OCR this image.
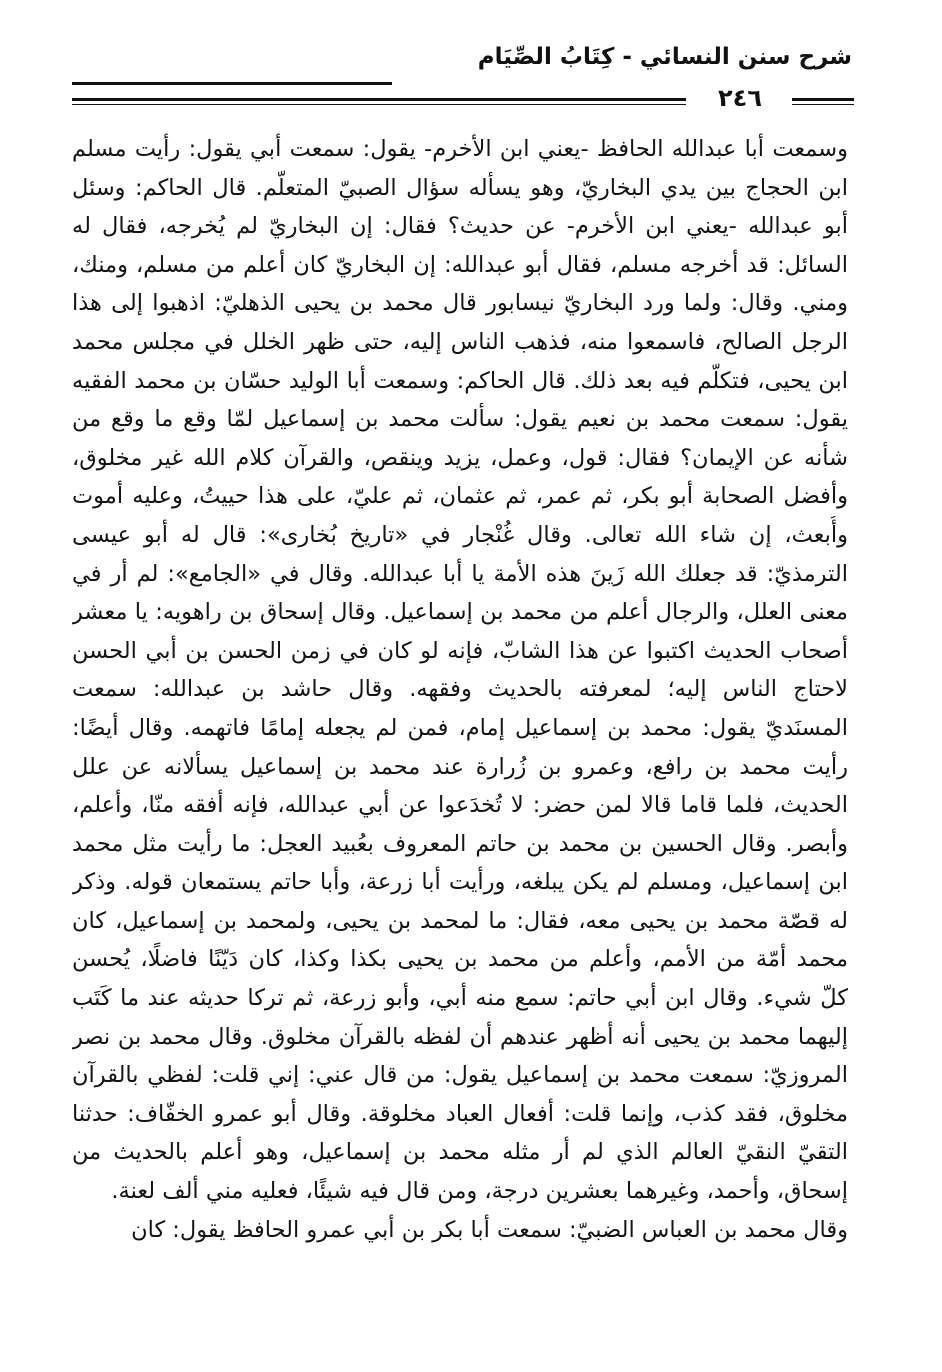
شرح سنن النسائي - كِتَابُ الصِّيَام
٢٤٦
وسمعت أبا عبدالله الحافظ -يعني ابن الأخرم- يقول: سمعت أبي يقول: رأيت مسلم
ابن الحجاج بين يدي البخاريّ، وهو يسأله سؤال الصبيّ المتعلّم. قال الحاكم: وسئل
أبو عبدالله -يعني ابن الأخرم- عن حديث؟ فقال: إن البخاريّ لم يُخرجه، فقال له
السائل: قد أخرجه مسلم، فقال أبو عبدالله: إن البخاريّ كان أعلم من مسلم، ومنك،
ومني. وقال: ولما ورد البخاريّ نيسابور قال محمد بن يحيى الذهليّ: اذهبوا إلى هذا
الرجل الصالح، فاسمعوا منه، فذهب الناس إليه، حتى ظهر الخلل في مجلس محمد
ابن يحيى، فتكلّم فيه بعد ذلك. قال الحاكم: وسمعت أبا الوليد حسّان بن محمد الفقيه
يقول: سمعت محمد بن نعيم يقول: سألت محمد بن إسماعيل لمّا وقع ما وقع من
شأنه عن الإيمان؟ فقال: قول، وعمل، يزيد وينقص، والقرآن كلام الله غير مخلوق،
وأفضل الصحابة أبو بكر، ثم عمر، ثم عثمان، ثم عليّ، على هذا حييتُ، وعليه أموت
وأُبعث، إن شاء الله تعالى. وقال غُنْجار في «تاريخ بُخارى»: قال له أبو عيسى
الترمذيّ: قد جعلك الله زَينَ هذه الأمة يا أبا عبدالله. وقال في «الجامع»: لم أر في
معنى العلل، والرجال أعلم من محمد بن إسماعيل. وقال إسحاق بن راهويه: يا معشر
أصحاب الحديث اكتبوا عن هذا الشابّ، فإنه لو كان في زمن الحسن بن أبي الحسن
لاحتاج الناس إليه؛ لمعرفته بالحديث وفقهه. وقال حاشد بن عبدالله: سمعت
المسنَديّ يقول: محمد بن إسماعيل إمام، فمن لم يجعله إمامًا فاتهمه. وقال أيضًا:
رأيت محمد بن رافع، وعمرو بن زُرارة عند محمد بن إسماعيل يسألانه عن علل
الحديث، فلما قاما قالا لمن حضر: لا تُخدَعوا عن أبي عبدالله، فإنه أفقه منّا، وأعلم،
وأبصر. وقال الحسين بن محمد بن حاتم المعروف بعُبيد العجل: ما رأيت مثل محمد
ابن إسماعيل، ومسلم لم يكن يبلغه، ورأيت أبا زرعة، وأبا حاتم يستمعان قوله. وذكر
له قصّة محمد بن يحيى معه، فقال: ما لمحمد بن يحيى، ولمحمد بن إسماعيل، كان
محمد أمّة من الأمم، وأعلم من محمد بن يحيى بكذا وكذا، كان دَيّنًا فاضلًا، يُحسن
كلّ شيء. وقال ابن أبي حاتم: سمع منه أبي، وأبو زرعة، ثم تركا حديثه عند ما كَتَب
إليهما محمد بن يحيى أنه أظهر عندهم أن لفظه بالقرآن مخلوق. وقال محمد بن نصر
المروزيّ: سمعت محمد بن إسماعيل يقول: من قال عني: إني قلت: لفظي بالقرآن
مخلوق، فقد كذب، وإنما قلت: أفعال العباد مخلوقة. وقال أبو عمرو الخفّاف: حدثنا
التقيّ النقيّ العالم الذي لم أر مثله محمد بن إسماعيل، وهو أعلم بالحديث من
إسحاق، وأحمد، وغيرهما بعشرين درجة، ومن قال فيه شيئًا، فعليه مني ألف لعنة.
وقال محمد بن العباس الضبيّ: سمعت أبا بكر بن أبي عمرو الحافظ يقول: كان
